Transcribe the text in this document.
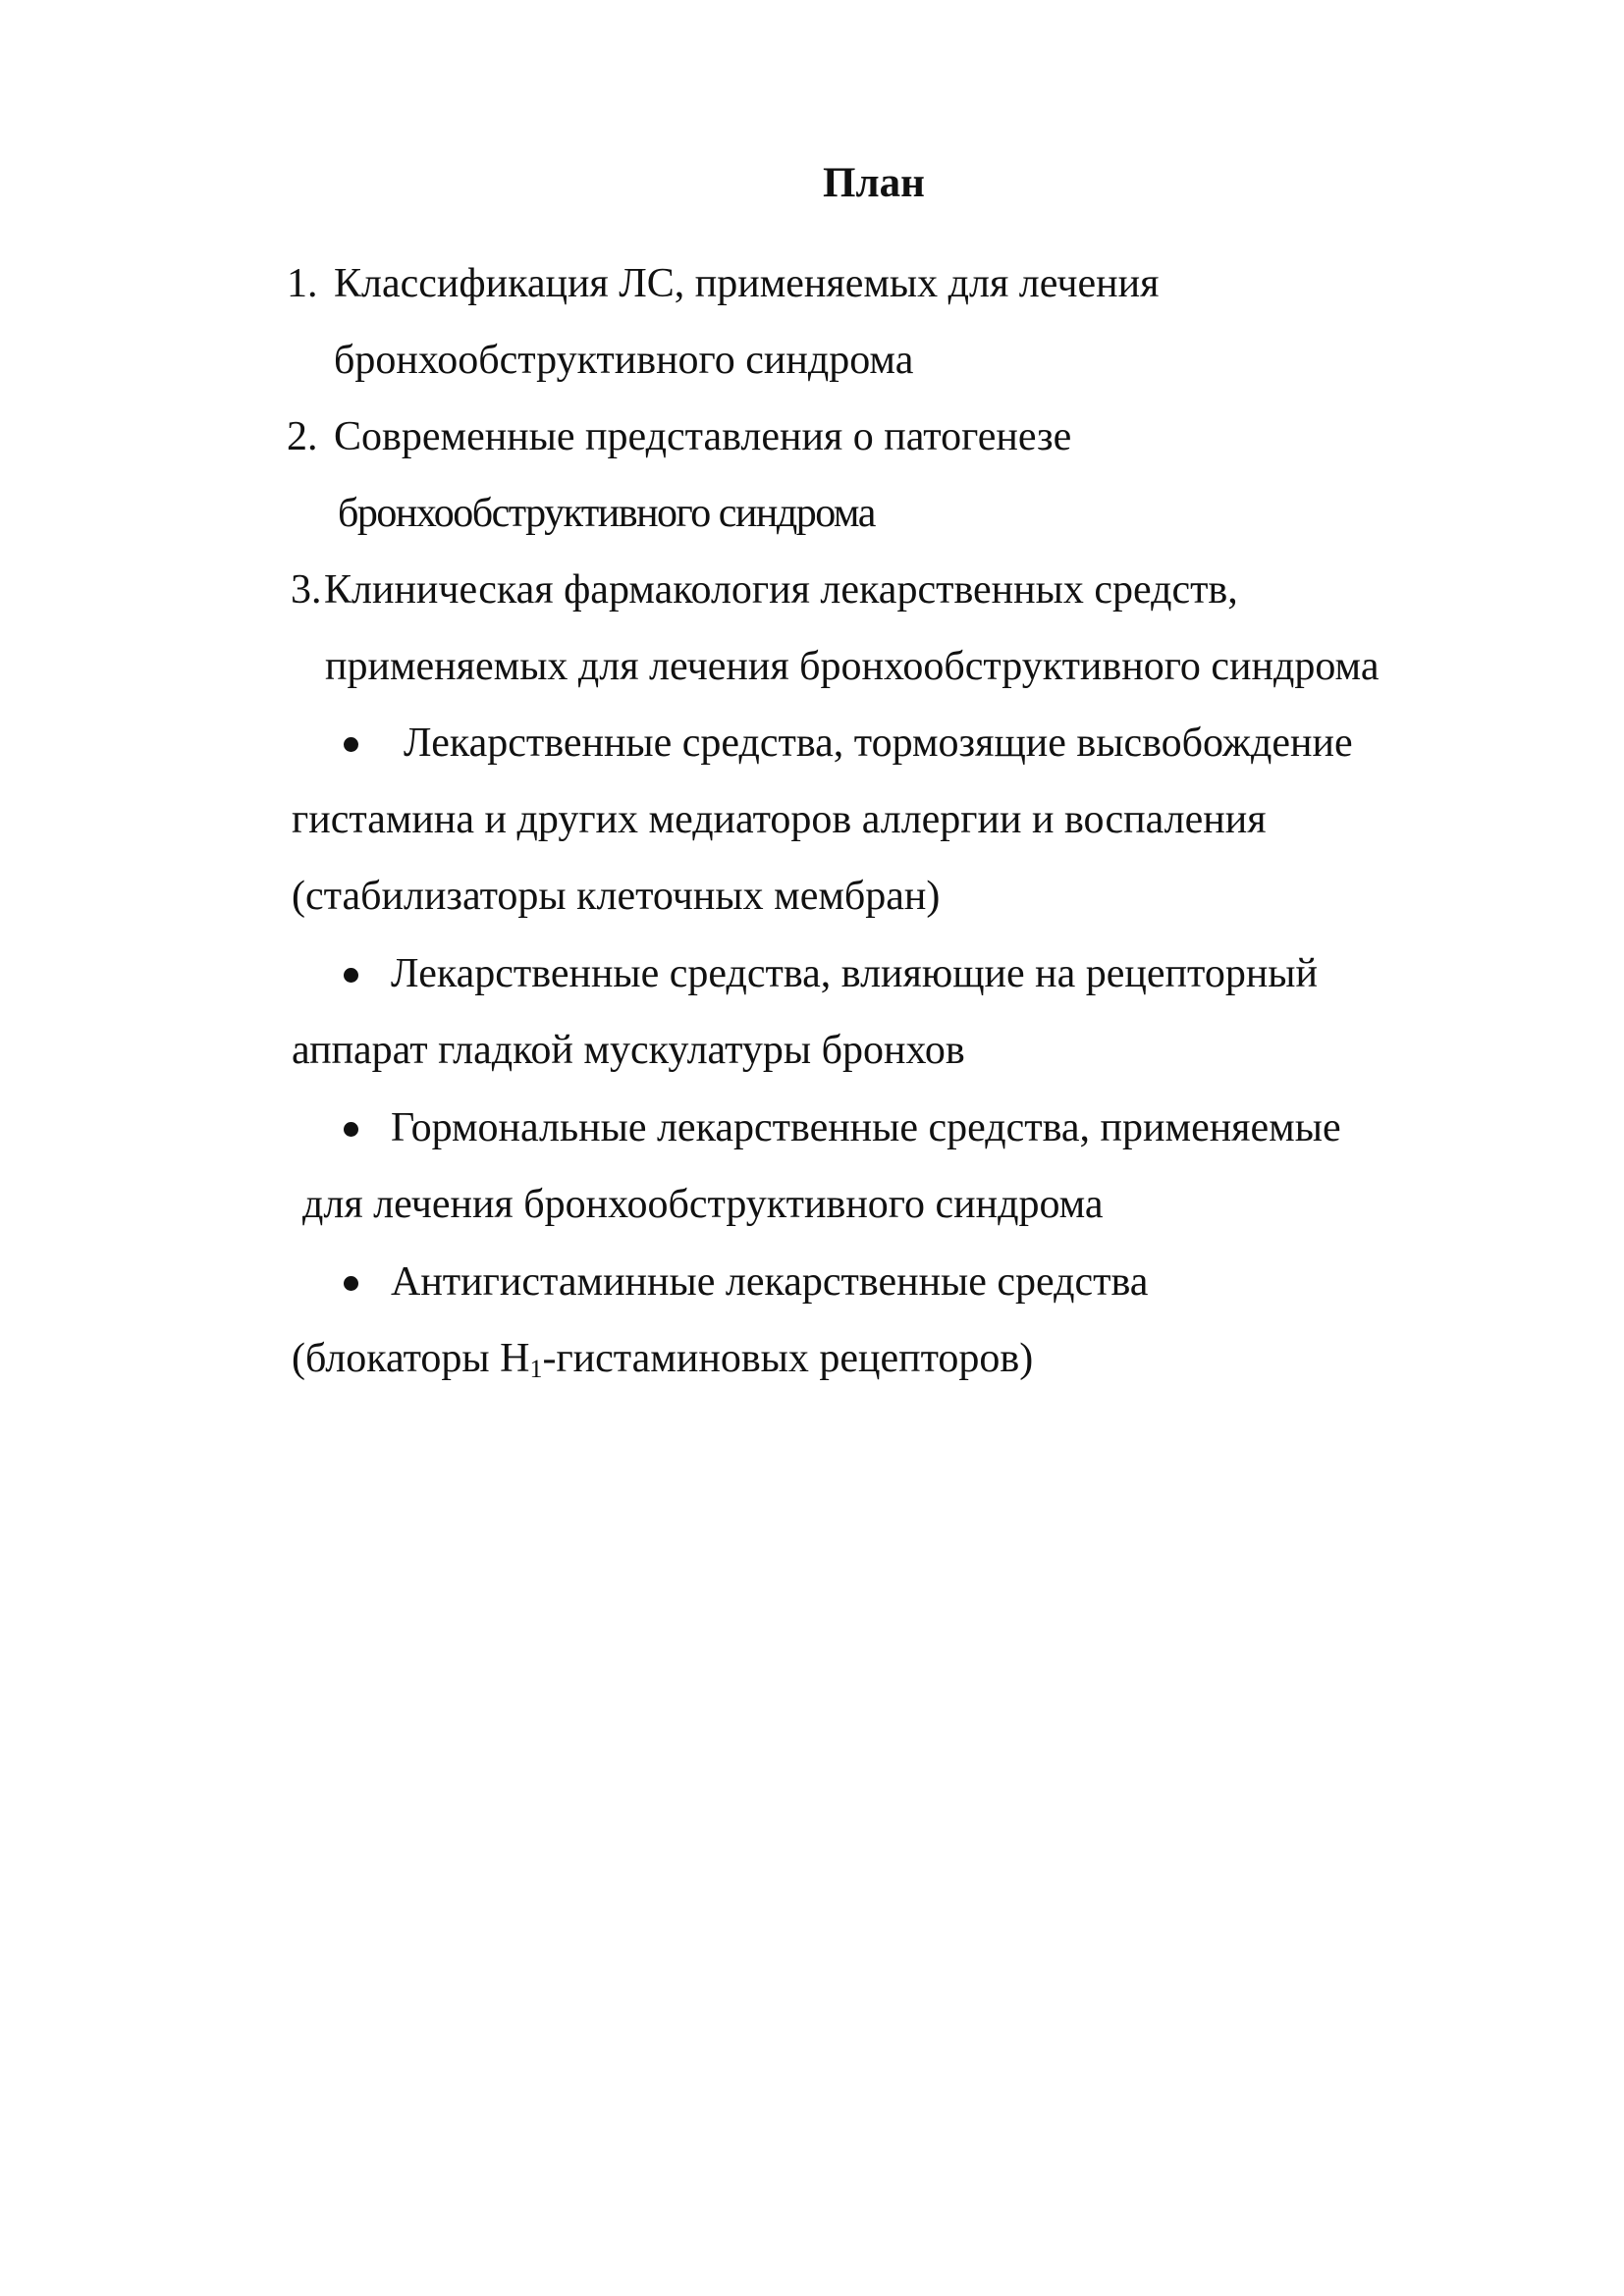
План
1. Классификация ЛС, применяемых для лечения
бронхообструктивного синдрома
2. Современные представления о патогенезе
бронхообструктивного синдрома
3. Клиническая фармакология лекарственных средств,
применяемых для лечения бронхообструктивного синдрома
Лекарственные средства, тормозящие высвобождение
гистамина и других медиаторов аллергии и воспаления
(стабилизаторы клеточных мембран)
Лекарственные средства, влияющие на рецепторный
аппарат гладкой мускулатуры бронхов
Гормональные лекарственные средства, применяемые
для лечения бронхообструктивного синдрома
Антигистаминные лекарственные средства
(блокаторы $Н_1$-гистаминовых рецепторов)
